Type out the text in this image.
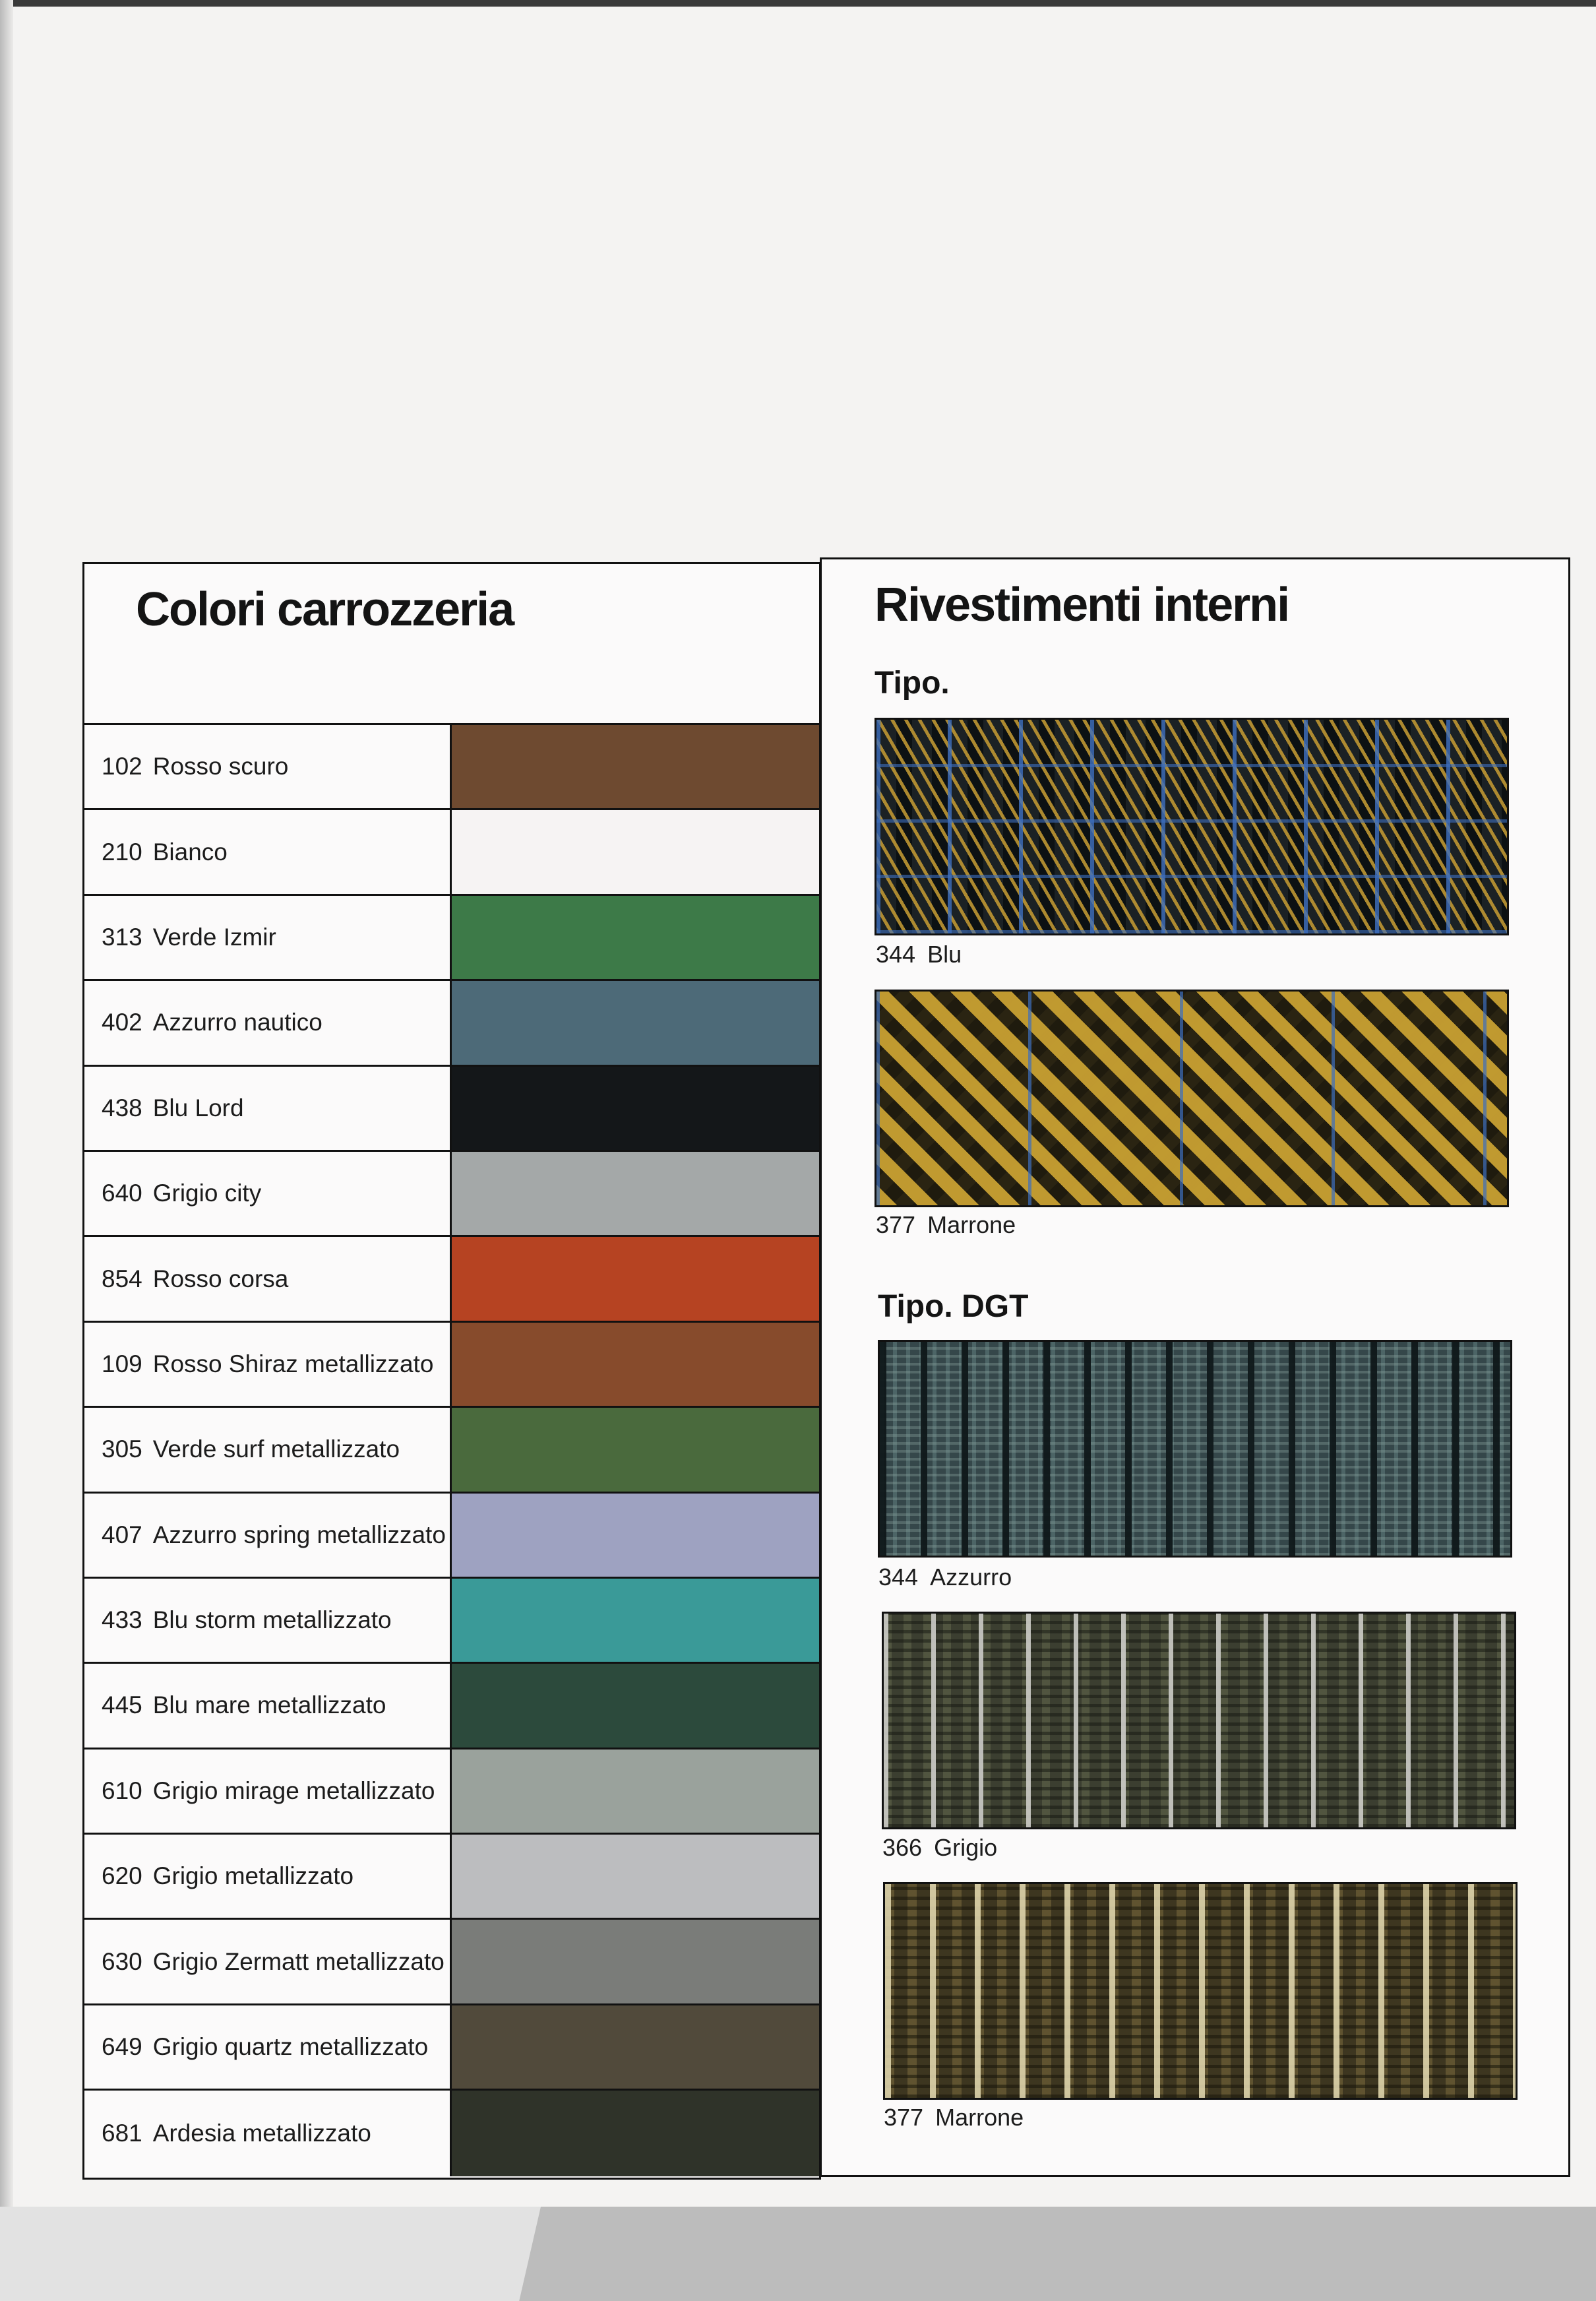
Colori carrozzeria
102 Rosso scuro
210 Bianco
313 Verde Izmir
402 Azzurro nautico
438 Blu Lord
640 Grigio city
854 Rosso corsa
109 Rosso Shiraz metallizzato
305 Verde surf metallizzato
407 Azzurro spring metallizzato
433 Blu storm metallizzato
445 Blu mare metallizzato
610 Grigio mirage metallizzato
620 Grigio metallizzato
630 Grigio Zermatt metallizzato
649 Grigio quartz metallizzato
681 Ardesia metallizzato
Rivestimenti interni
Tipo.
344 Blu
377 Marrone
Tipo. DGT
344 Azzurro
366 Grigio
377 Marrone
